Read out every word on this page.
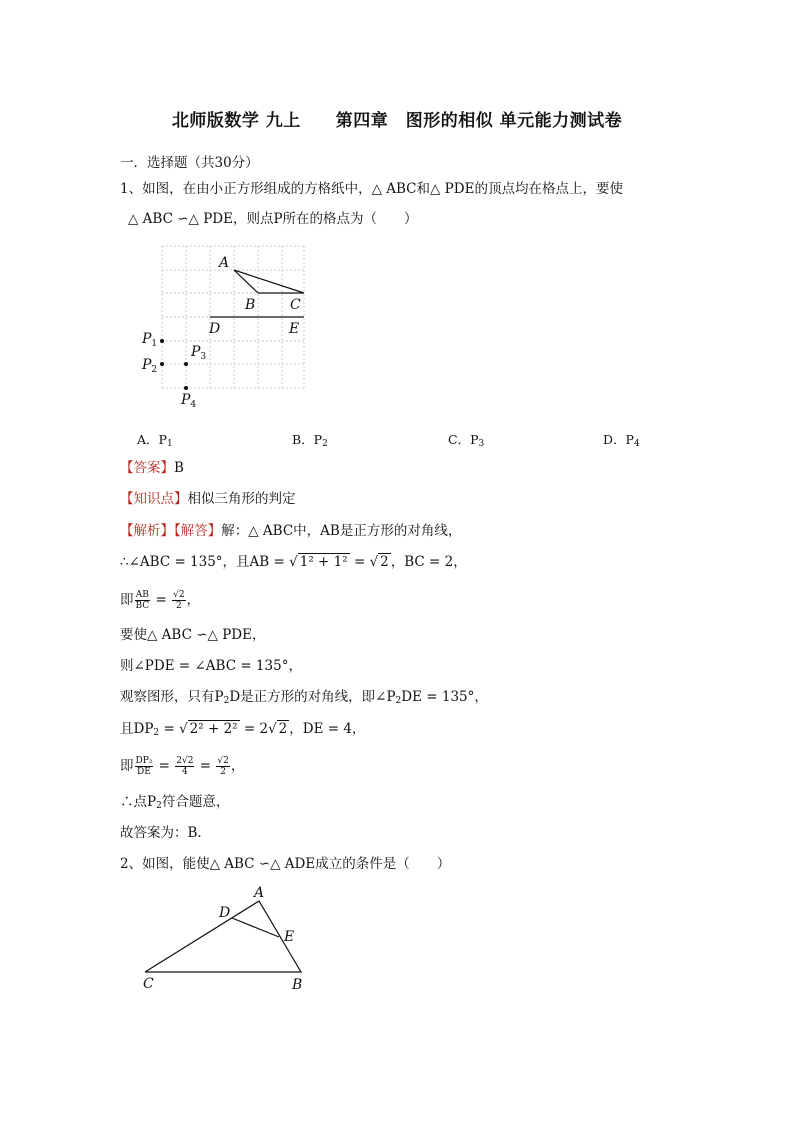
北师版数学 九上　　第四章　图形的相似 单元能力测试卷
一．选择题（共30分）
1、如图，在由小正方形组成的方格纸中，△ ABC和△ PDE的顶点均在格点上，要使
△ ABC ∽△ PDE，则点P所在的格点为（　　）
A
B C
D	E
$P_1$
$P_2$
$P_3$
$P_4$
A．$P_1$	B．$P_2$	C．$P_3$	D．$P_4$
【答案】B
【知识点】相似三角形的判定
【解析】【解答】解：△ ABC中，AB是正方形的对角线，
∴∠ABC = 135°，且AB = √ 1² + 1² = √ 2 ，BC = 2，
即 $\frac{AB}{BC} = \frac{√2}{2}$ ，
要使△ ABC ∽△ PDE，
则∠PDE = ∠ABC = 135°，
观察图形，只有$P_2D$是正方形的对角线，即$\angle P_2DE = 135^\circ$，
且$DP_2$ = √ 2² + 2² = 2√ 2 ，DE = 4，
即 $\frac{\text{DP₂}}{DE} = \frac{2√2}{4} = \frac{√2}{2}$ ，
∴点$P_2$符合题意，
故答案为：B.
2、如图，能使△ ABC ∽△ ADE成立的条件是（　　）
A
D
E
C	B
